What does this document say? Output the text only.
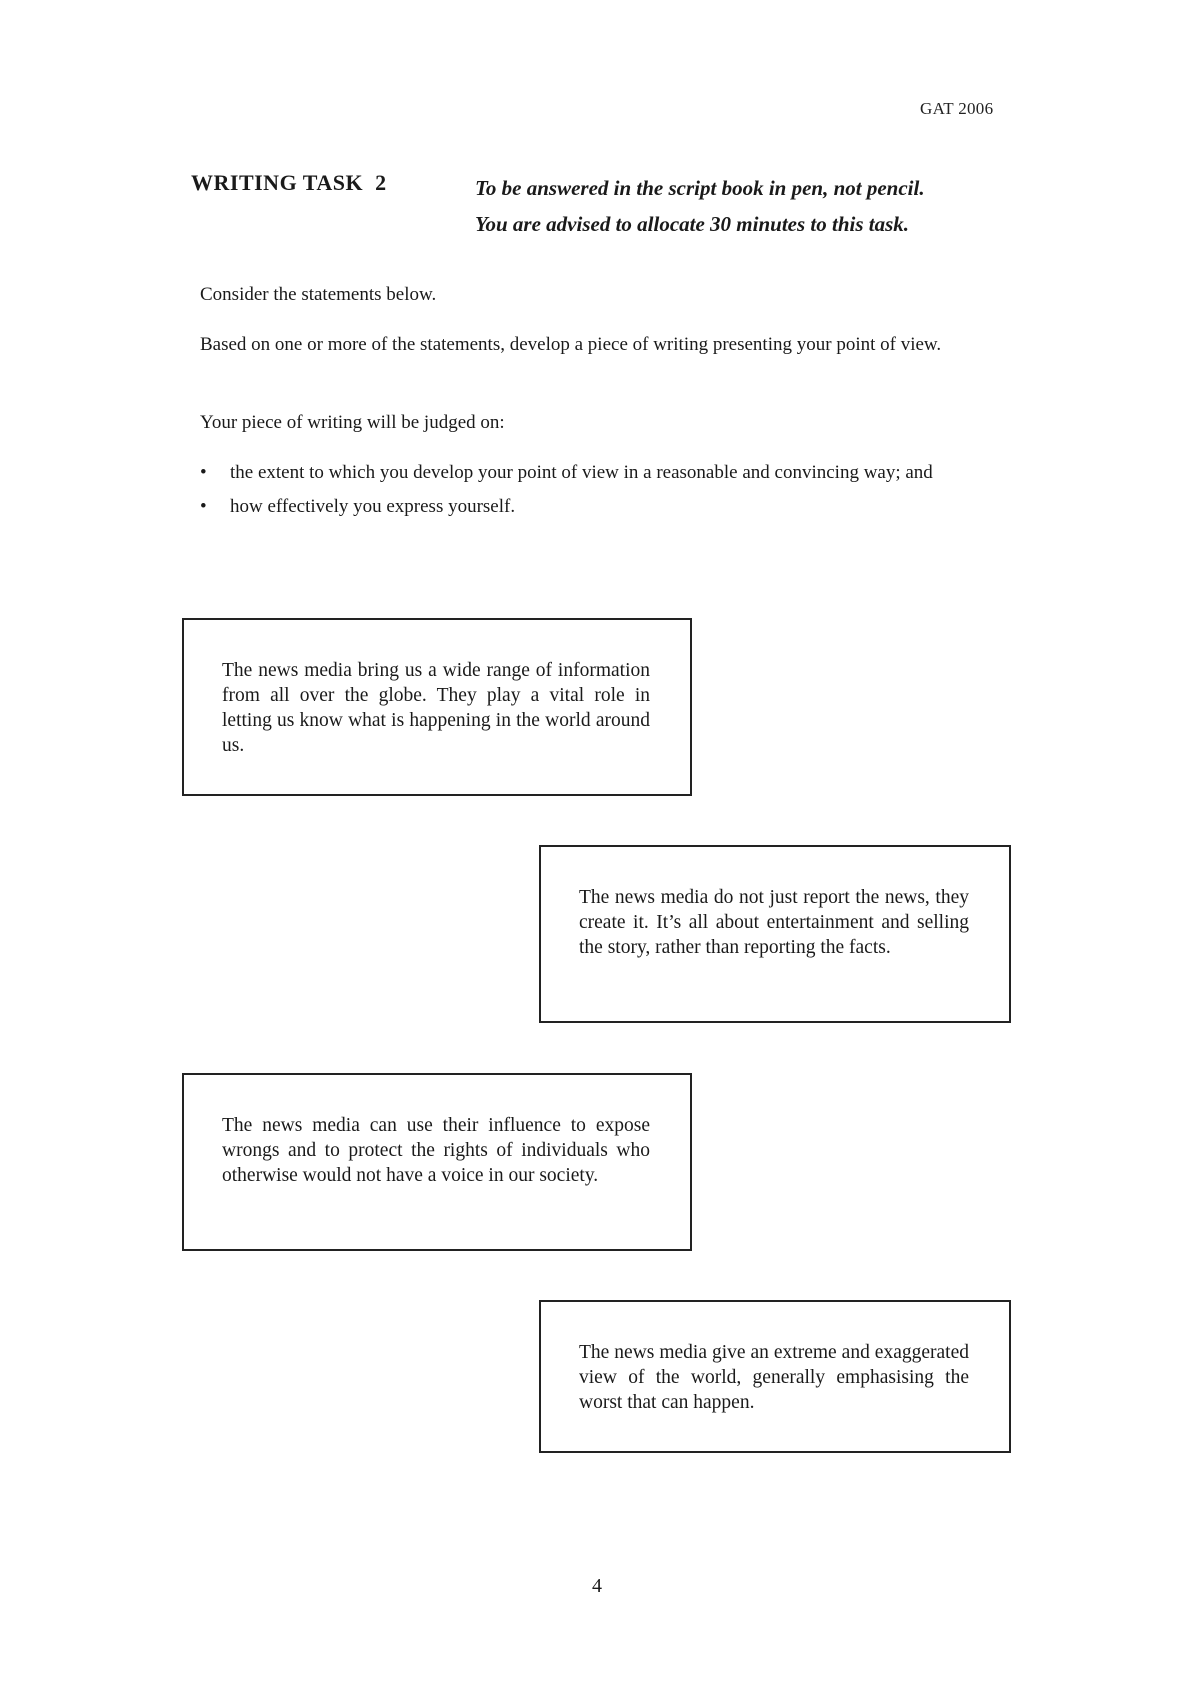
GAT 2006
WRITING TASK  2	To be answered in the script book in pen, not pencil.
You are advised to allocate 30 minutes to this task.
Consider the statements below.
Based on one or more of the statements, develop a piece of writing presenting your point of view.
Your piece of writing will be judged on:
• the extent to which you develop your point of view in a reasonable and convincing way; and
• how effectively you express yourself.

The news media bring us a wide range of information from all over the globe. They play a vital role in letting us know what is happening in the world around us.

The news media do not just report the news, they create it. It’s all about entertainment and selling the story, rather than reporting the facts.

The news media can use their influence to expose wrongs and to protect the rights of individuals who otherwise would not have a voice in our society.

The news media give an extreme and exaggerated view of the world, generally emphasising the worst that can happen.

4
